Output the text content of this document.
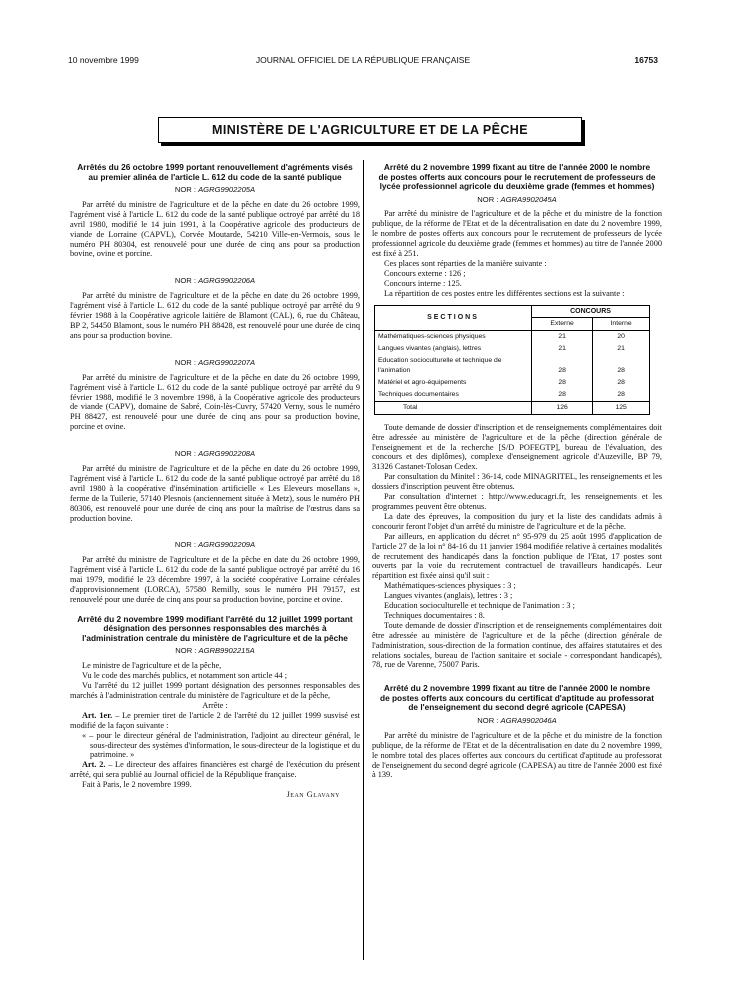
10 novembre 1999	JOURNAL OFFICIEL DE LA RÉPUBLIQUE FRANÇAISE	16753
MINISTÈRE DE L'AGRICULTURE ET DE LA PÊCHE
Arrêtés du 26 octobre 1999 portant renouvellement d'agréments visés au premier alinéa de l'article L. 612 du code de la santé publique
NOR : AGRG9902205A

Par arrêté du ministre de l'agriculture et de la pêche en date du 26 octobre 1999, l'agrément visé à l'article L. 612 du code de la santé publique octroyé par arrêté du 18 avril 1980, modifié le 14 juin 1991, à la Coopérative agricole des producteurs de viande de Lorraine (CAPVL), Corvée Moutarde, 54210 Ville-en-Vermois, sous le numéro PH 80304, est renouvelé pour une durée de cinq ans pour sa production bovine, ovine et porcine.

NOR : AGRG9902206A

Par arrêté du ministre de l'agriculture et de la pêche en date du 26 octobre 1999, l'agrément visé à l'article L. 612 du code de la santé publique octroyé par arrêté du 9 février 1988 à la Coopérative agricole laitière de Blamont (CAL), 6, rue du Château, BP 2, 54450 Blamont, sous le numéro PH 88428, est renouvelé pour une durée de cinq ans pour sa production bovine.

NOR : AGRG9902207A

Par arrêté du ministre de l'agriculture et de la pêche en date du 26 octobre 1999, l'agrément visé à l'article L. 612 du code de la santé publique octroyé par arrêté du 9 février 1988, modifié le 3 novembre 1998, à la Coopérative agricole des producteurs de viande (CAPV), domaine de Sabré, Coin-lès-Cuvry, 57420 Verny, sous le numéro PH 88427, est renouvelé pour une durée de cinq ans pour sa production bovine, porcine et ovine.

NOR : AGRG9902208A

Par arrêté du ministre de l'agriculture et de la pêche en date du 26 octobre 1999, l'agrément visé à l'article L. 612 du code de la santé publique octroyé par arrêté du 18 avril 1980 à la coopérative d'insémination artificielle « Les Eleveurs mosellans », ferme de la Tuilerie, 57140 Plesnois (anciennement située à Metz), sous le numéro PH 80306, est renouvelé pour une durée de cinq ans pour la maîtrise de l'œstrus dans sa production bovine.

NOR : AGRG9902209A

Par arrêté du ministre de l'agriculture et de la pêche en date du 26 octobre 1999, l'agrément visé à l'article L. 612 du code de la santé publique octroyé par arrêté du 16 mai 1979, modifié le 23 décembre 1997, à la société coopérative Lorraine céréales d'approvisionnement (LORCA), 57580 Remilly, sous le numéro PH 79157, est renouvelé pour une durée de cinq ans pour sa production bovine, porcine et ovine.

Arrêté du 2 novembre 1999 modifiant l'arrêté du 12 juillet 1999 portant désignation des personnes responsables des marchés à l'administration centrale du ministère de l'agriculture et de la pêche
NOR : AGRB9902215A

Le ministre de l'agriculture et de la pêche,

Vu le code des marchés publics, et notamment son article 44 ;

Vu l'arrêté du 12 juillet 1999 portant désignation des personnes responsables des marchés à l'administration centrale du ministère de l'agriculture et de la pêche,

Arrête :

Art. 1er. – Le premier tiret de l'article 2 de l'arrêté du 12 juillet 1999 susvisé est modifié de la façon suivante :

« – pour le directeur général de l'administration, l'adjoint au directeur général, le sous-directeur des systèmes d'information, le sous-directeur de la logistique et du patrimoine. »

Art. 2. – Le directeur des affaires financières est chargé de l'exécution du présent arrêté, qui sera publié au Journal officiel de la République française.

Fait à Paris, le 2 novembre 1999.

Jean Glavany

Arrêté du 2 novembre 1999 fixant au titre de l'année 2000 le nombre de postes offerts aux concours pour le recrutement de professeurs de lycée professionnel agricole du deuxième grade (femmes et hommes)
NOR : AGRA9902045A

Par arrêté du ministre de l'agriculture et de la pêche et du ministre de la fonction publique, de la réforme de l'Etat et de la décentralisation en date du 2 novembre 1999, le nombre de postes offerts aux concours pour le recrutement de professeurs de lycée professionnel agricole du deuxième grade (femmes et hommes) au titre de l'année 2000 est fixé à 251.

Ces places sont réparties de la manière suivante :

Concours externe : 126 ;

Concours interne : 125.

La répartition de ces postes entre les différentes sections est la suivante :

SECTIONS	CONCOURS	
	Externe	Interne
Mathématiques-sciences physiques	21	20
Langues vivantes (anglais), lettres	21	21
Education socioculturelle et technique de l'animation	28	28
Matériel et agro-équipements	28	28
Techniques documentaires	28	28
Total	126	125

Toute demande de dossier d'inscription et de renseignements complémentaires doit être adressée au ministère de l'agriculture et de la pêche (direction générale de l'enseignement et de la recherche [S/D POFEGTP], bureau de l'évaluation, des concours et des diplômes), complexe d'enseignement agricole d'Auzeville, BP 79, 31326 Castanet-Tolosan Cedex.

Par consultation du Minitel : 36-14, code MINAGRITEL, les renseignements et les dossiers d'inscription peuvent être obtenus.

Par consultation d'internet : http://www.educagri.fr, les renseignements et les programmes peuvent être obtenus.

La date des épreuves, la composition du jury et la liste des candidats admis à concourir feront l'objet d'un arrêté du ministre de l'agriculture et de la pêche.

Par ailleurs, en application du décret n° 95-979 du 25 août 1995 d'application de l'article 27 de la loi n° 84-16 du 11 janvier 1984 modifiée relative à certaines modalités de recrutement des handicapés dans la fonction publique de l'Etat, 17 postes sont ouverts par la voie du recrutement contractuel de travailleurs handicapés. Leur répartition est fixée ainsi qu'il suit :

Mathématiques-sciences physiques : 3 ;

Langues vivantes (anglais), lettres : 3 ;

Education socioculturelle et technique de l'animation : 3 ;

Techniques documentaires : 8.

Toute demande de dossier d'inscription et de renseignements complémentaires doit être adressée au ministère de l'agriculture et de la pêche (direction générale de l'administration, sous-direction de la formation continue, des affaires statutaires et des relations sociales, bureau de l'action sanitaire et sociale - correspondant handicapés), 78, rue de Varenne, 75007 Paris.

Arrêté du 2 novembre 1999 fixant au titre de l'année 2000 le nombre de postes offerts aux concours du certificat d'aptitude au professorat de l'enseignement du second degré agricole (CAPESA)
NOR : AGRA9902046A

Par arrêté du ministre de l'agriculture et de la pêche et du ministre de la fonction publique, de la réforme de l'Etat et de la décentralisation en date du 2 novembre 1999, le nombre total des places offertes aux concours du certificat d'aptitude au professorat de l'enseignement du second degré agricole (CAPESA) au titre de l'année 2000 est fixé à 139.
